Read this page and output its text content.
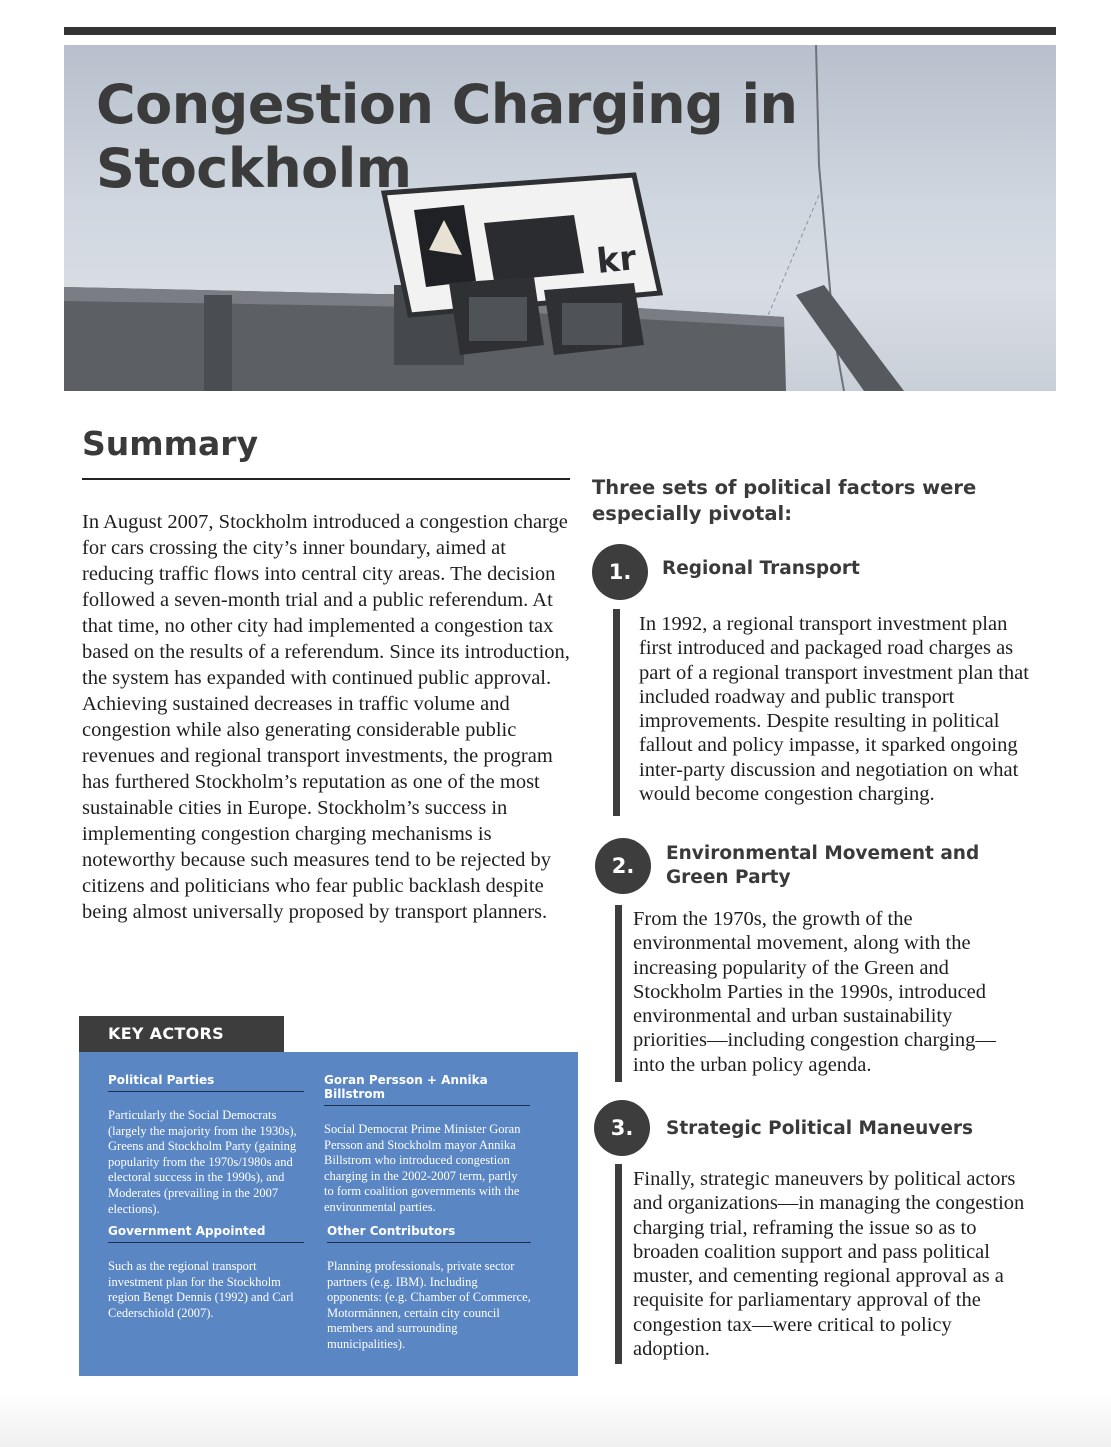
kr
Congestion Charging in Stockholm
Summary

In August 2007, Stockholm introduced a congestion charge for cars crossing the city’s inner boundary, aimed at reducing traffic flows into central city areas. The decision followed a seven-month trial and a public referendum. At that time, no other city had implemented a congestion tax based on the results of a referendum. Since its introduction, the system has expanded with continued public approval. Achieving sustained decreases in traffic volume and congestion while also generating considerable public revenues and regional transport investments, the program has furthered Stockholm’s reputation as one of the most sustainable cities in Europe. Stockholm’s success in implementing congestion charging mechanisms is noteworthy because such measures tend to be rejected by citizens and politicians who fear public backlash despite being almost universally proposed by transport planners.

KEY ACTORS
Political Parties

Particularly the Social Democrats (largely the majority from the 1930s), Greens and Stockholm Party (gaining popularity from the 1970s/1980s and electoral success in the 1990s), and Moderates (prevailing in the 2007 elections).

Goran Persson + Annika Billstrom

Social Democrat Prime Minister Goran Persson and Stockholm mayor Annika Billstrom who introduced congestion charging in the 2002-2007 term, partly to form coalition governments with the environmental parties.

Government Appointed

Such as the regional transport investment plan for the Stockholm region Bengt Dennis (1992) and Carl Cederschiold (2007).

Other Contributors

Planning professionals, private sector partners (e.g. IBM). Including opponents: (e.g. Chamber of Commerce, Motormännen, certain city council members and surrounding municipalities).

Three sets of political factors were especially pivotal:

1.	Regional Transport

In 1992, a regional transport investment plan first introduced and packaged road charges as part of a regional transport investment plan that included roadway and public transport improvements. Despite resulting in political fallout and policy impasse, it sparked ongoing inter-party discussion and negotiation on what would become congestion charging.

2.
Environmental Movement and Green Party

From the 1970s, the growth of the environmental movement, along with the increasing popularity of the Green and Stockholm Parties in the 1990s, introduced environmental and urban sustainability priorities—including congestion charging— into the urban policy agenda.

3.	Strategic Political Maneuvers

Finally, strategic maneuvers by political actors and organizations—in managing the congestion charging trial, reframing the issue so as to broaden coalition support and pass political muster, and cementing regional approval as a requisite for parliamentary approval of the congestion tax—were critical to policy adoption.
